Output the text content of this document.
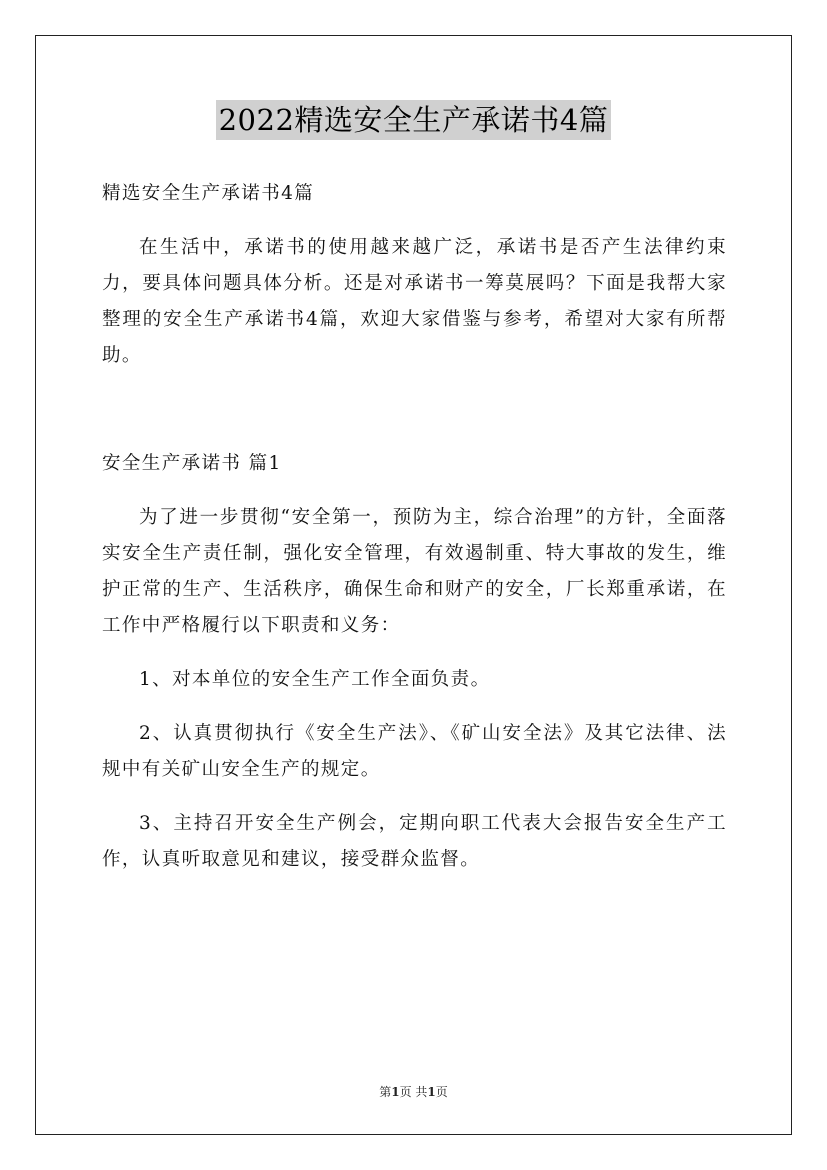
2022精选安全生产承诺书4篇

精选安全生产承诺书4篇

在生活中，承诺书的使用越来越广泛，承诺书是否产生法律约束力，要具体问题具体分析。还是对承诺书一筹莫展吗？下面是我帮大家整理的安全生产承诺书4篇，欢迎大家借鉴与参考，希望对大家有所帮助。

安全生产承诺书 篇1

为了进一步贯彻“安全第一，预防为主，综合治理”的方针，全面落实安全生产责任制，强化安全管理，有效遏制重、特大事故的发生，维护正常的生产、生活秩序，确保生命和财产的安全，厂长郑重承诺，在工作中严格履行以下职责和义务：

1、对本单位的安全生产工作全面负责。

2、认真贯彻执行《安全生产法》、《矿山安全法》及其它法律、法规中有关矿山安全生产的规定。

3、主持召开安全生产例会，定期向职工代表大会报告安全生产工作，认真听取意见和建议，接受群众监督。

第1页 共1页
